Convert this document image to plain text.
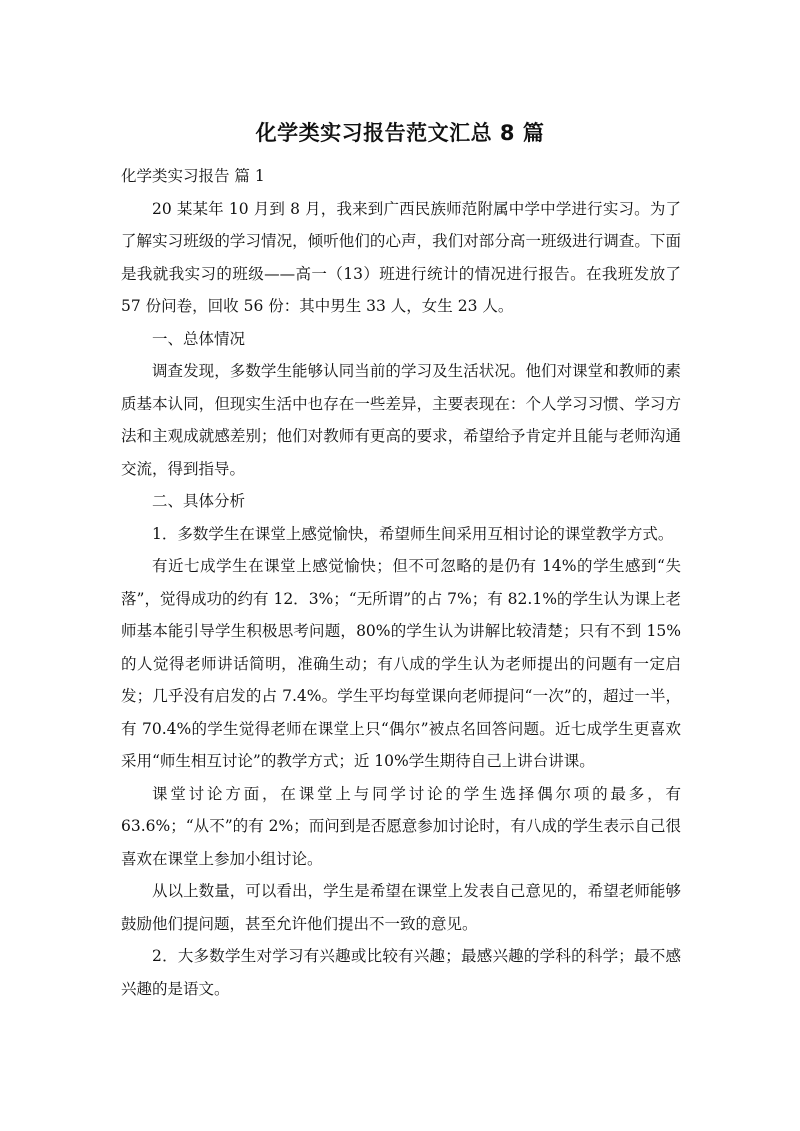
化学类实习报告范文汇总 8 篇

化学类实习报告 篇 1

20 某某年 10 月到 8 月，我来到广西民族师范附属中学中学进行实习。为了了解实习班级的学习情况，倾听他们的心声，我们对部分高一班级进行调查。下面是我就我实习的班级——高一（13）班进行统计的情况进行报告。在我班发放了 57 份问卷，回收 56 份：其中男生 33 人，女生 23 人。

一、总体情况

调查发现，多数学生能够认同当前的学习及生活状况。他们对课堂和教师的素质基本认同，但现实生活中也存在一些差异，主要表现在：个人学习习惯、学习方法和主观成就感差别；他们对教师有更高的要求，希望给予肯定并且能与老师沟通交流，得到指导。

二、具体分析

1．多数学生在课堂上感觉愉快，希望师生间采用互相讨论的课堂教学方式。

有近七成学生在课堂上感觉愉快；但不可忽略的是仍有 14%的学生感到“失落”，觉得成功的约有 12．3%；“无所谓”的占 7%；有 82.1%的学生认为课上老师基本能引导学生积极思考问题，80%的学生认为讲解比较清楚；只有不到 15%的人觉得老师讲话简明，准确生动；有八成的学生认为老师提出的问题有一定启发；几乎没有启发的占 7.4%。学生平均每堂课向老师提问“一次”的，超过一半，有 70.4%的学生觉得老师在课堂上只“偶尔”被点名回答问题。近七成学生更喜欢采用“师生相互讨论”的教学方式；近 10%学生期待自己上讲台讲课。

课堂讨论方面，在课堂上与同学讨论的学生选择偶尔项的最多，有63.6%；“从不”的有 2%；而问到是否愿意参加讨论时，有八成的学生表示自己很喜欢在课堂上参加小组讨论。

从以上数量，可以看出，学生是希望在课堂上发表自己意见的，希望老师能够鼓励他们提问题，甚至允许他们提出不一致的意见。

2．大多数学生对学习有兴趣或比较有兴趣；最感兴趣的学科的科学；最不感兴趣的是语文。
